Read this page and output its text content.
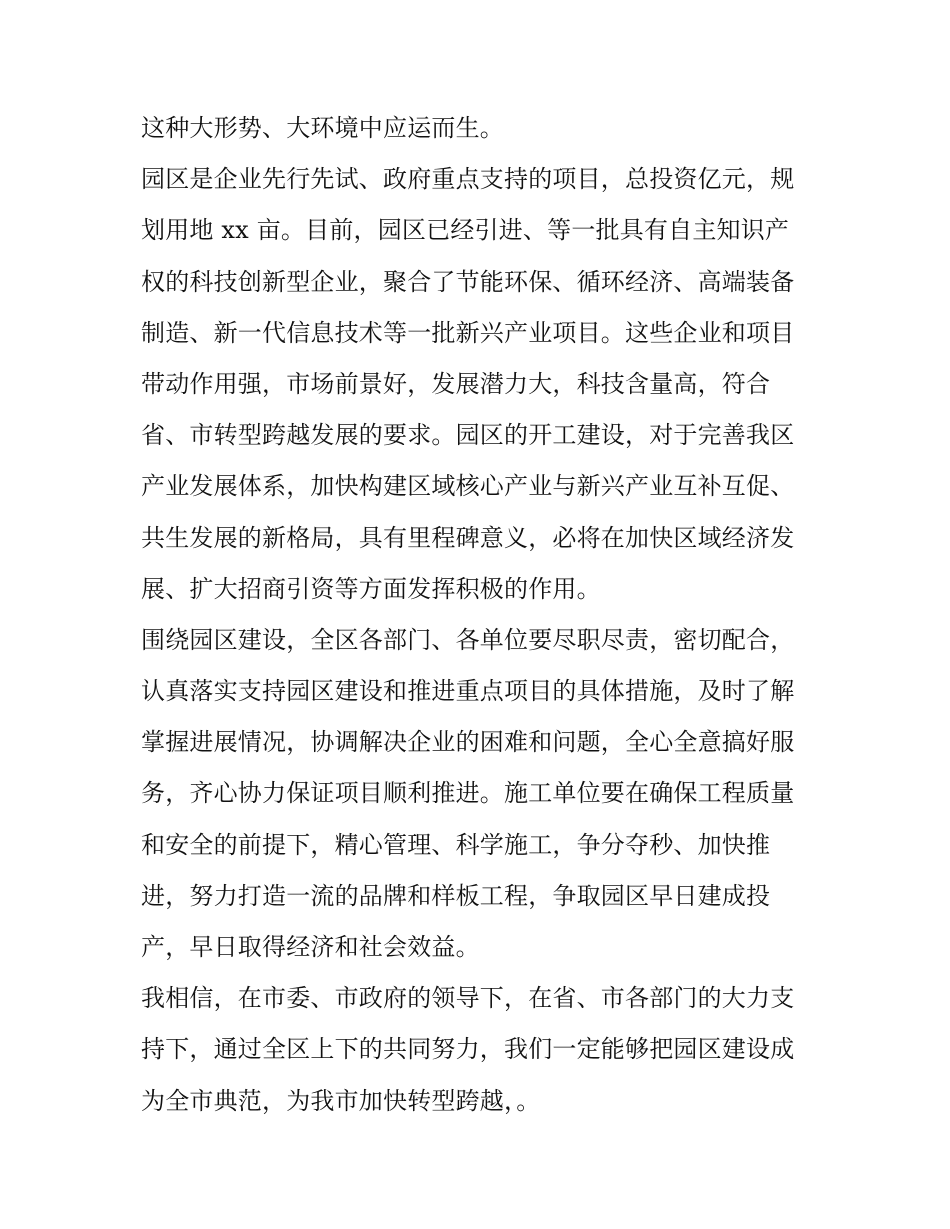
这种大形势、大环境中应运而生。
园区是企业先行先试、政府重点支持的项目，总投资亿元，规
划用地 xx 亩。目前，园区已经引进、等一批具有自主知识产
权的科技创新型企业，聚合了节能环保、循环经济、高端装备
制造、新一代信息技术等一批新兴产业项目。这些企业和项目
带动作用强，市场前景好，发展潜力大，科技含量高，符合
省、市转型跨越发展的要求。园区的开工建设，对于完善我区
产业发展体系，加快构建区域核心产业与新兴产业互补互促、
共生发展的新格局，具有里程碑意义，必将在加快区域经济发
展、扩大招商引资等方面发挥积极的作用。
围绕园区建设，全区各部门、各单位要尽职尽责，密切配合，
认真落实支持园区建设和推进重点项目的具体措施，及时了解
掌握进展情况，协调解决企业的困难和问题，全心全意搞好服
务，齐心协力保证项目顺利推进。施工单位要在确保工程质量
和安全的前提下，精心管理、科学施工，争分夺秒、加快推
进，努力打造一流的品牌和样板工程，争取园区早日建成投
产，早日取得经济和社会效益。
我相信，在市委、市政府的领导下，在省、市各部门的大力支
持下，通过全区上下的共同努力，我们一定能够把园区建设成
为全市典范，为我市加快转型跨越，。
